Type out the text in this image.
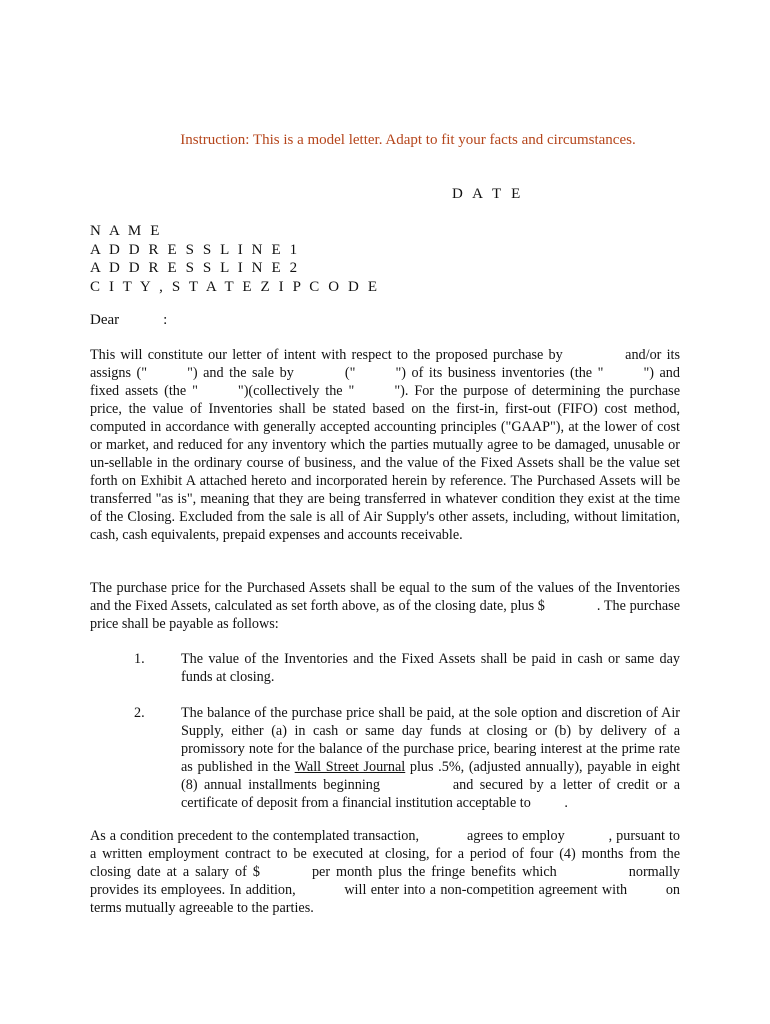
Instruction: This is a model letter. Adapt to fit your facts and circumstances.
D A T E
N A M E
A D D R E S S L I N E 1
A D D R E S S L I N E 2
C I T Y , S T A T E Z I P C O D E
Dear	:
This will constitute our letter of intent with respect to the proposed purchase by	and/or its assigns ("	") and the sale by	("	") of its business inventories (the "	") and fixed assets (the "	")(collectively the "	"). For the purpose of determining the purchase price, the value of Inventories shall be stated based on the first-in, first-out (FIFO) cost method, computed in accordance with generally accepted accounting principles ("GAAP"), at the lower of cost or market, and reduced for any inventory which the parties mutually agree to be damaged, unusable or un-sellable in the ordinary course of business, and the value of the Fixed Assets shall be the value set forth on Exhibit A attached hereto and incorporated herein by reference. The Purchased Assets will be transferred "as is", meaning that they are being transferred in whatever condition they exist at the time of the Closing. Excluded from the sale is all of Air Supply's other assets, including, without limitation, cash, cash equivalents, prepaid expenses and accounts receivable.
The purchase price for the Purchased Assets shall be equal to the sum of the values of the Inventories and the Fixed Assets, calculated as set forth above, as of the closing date, plus $	. The purchase price shall be payable as follows:
1.	The value of the Inventories and the Fixed Assets shall be paid in cash or same day funds at closing.
2.	The balance of the purchase price shall be paid, at the sole option and discretion of Air Supply, either (a) in cash or same day funds at closing or (b) by delivery of a promissory note for the balance of the purchase price, bearing interest at the prime rate as published in the Wall Street Journal plus .5%, (adjusted annually), payable in eight (8) annual installments beginning	and secured by a letter of credit or a certificate of deposit from a financial institution acceptable to .
As a condition precedent to the contemplated transaction,	agrees to employ	, pursuant to a written employment contract to be executed at closing, for a period of four (4) months from the closing date at a salary of $	per month plus the fringe benefits which	normally provides its employees. In addition,	will enter into a non-competition agreement with	on terms mutually agreeable to the parties.
